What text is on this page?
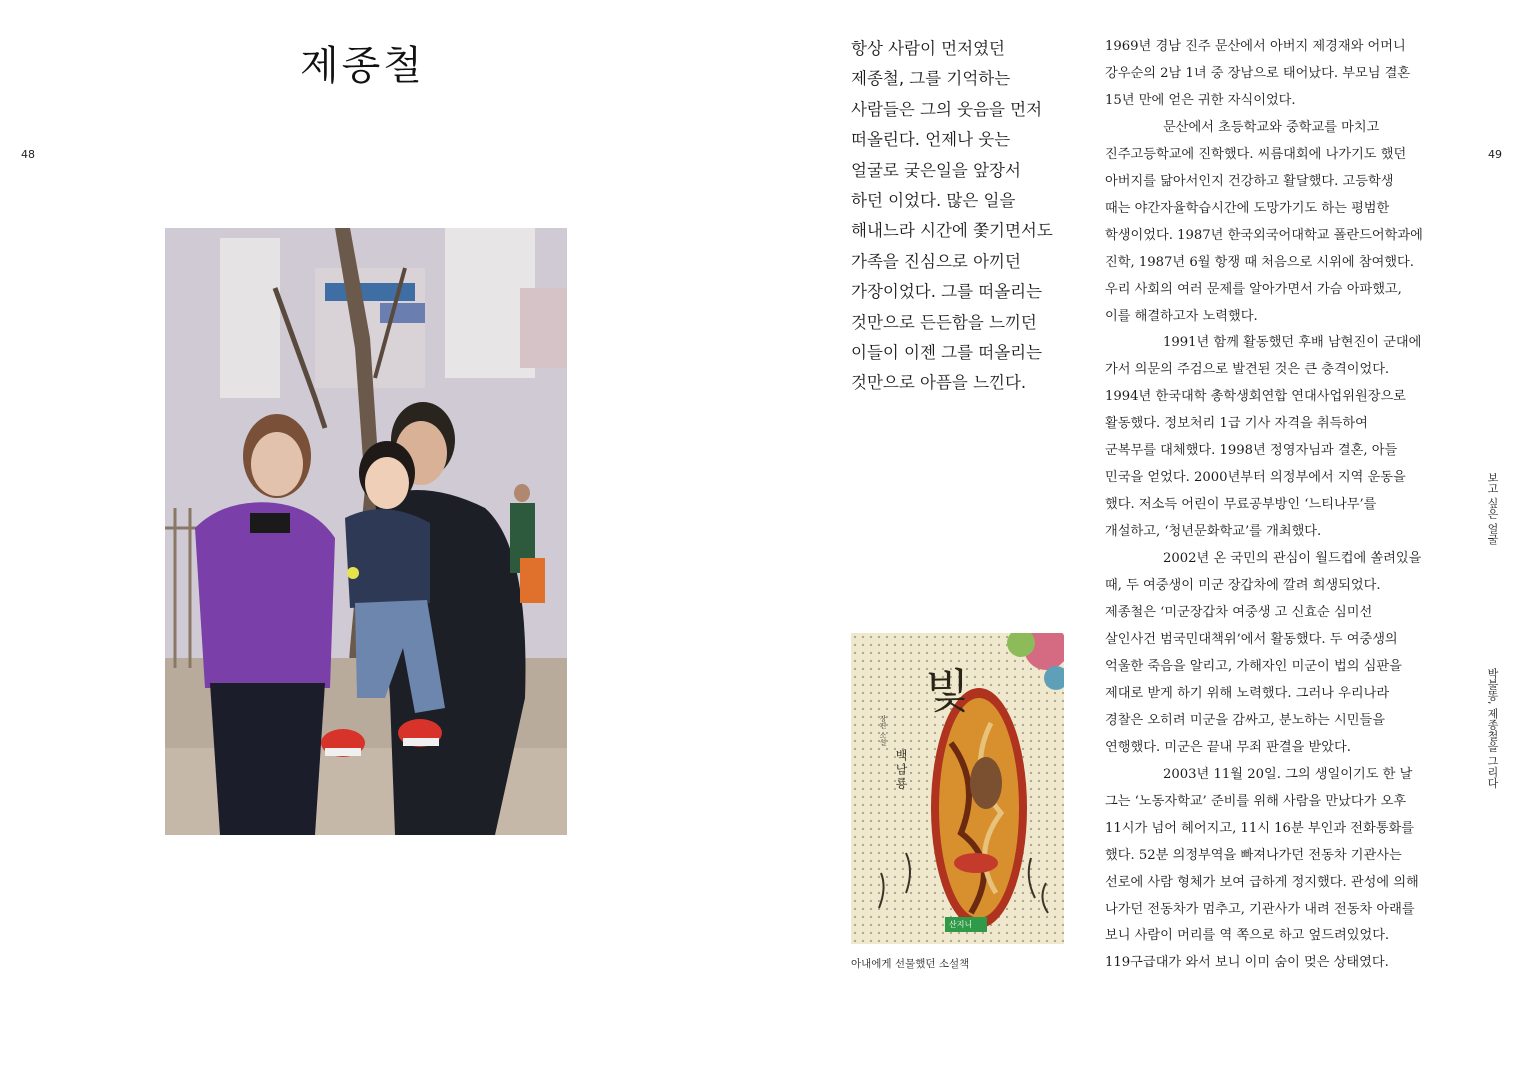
제종철
48
항상 사람이 먼저였던
제종철, 그를 기억하는
사람들은 그의 웃음을 먼저
떠올린다. 언제나 웃는
얼굴로 궂은일을 앞장서
하던 이었다. 많은 일을
해내느라 시간에 쫓기면서도
가족을 진심으로 아끼던
가장이었다. 그를 떠올리는
것만으로 든든함을 느끼던
이들이 이젠 그를 떠올리는
것만으로 아픔을 느낀다.
빛
장편 소설
백남룡
산지니
아내에게 선물했던 소설책
1969년 경남 진주 문산에서 아버지 제경재와 어머니
강우순의 2남 1녀 중 장남으로 태어났다. 부모님 결혼
15년 만에 얻은 귀한 자식이었다.
문산에서 초등학교와 중학교를 마치고
진주고등학교에 진학했다. 씨름대회에 나가기도 했던
아버지를 닮아서인지 건강하고 활달했다. 고등학생
때는 야간자율학습시간에 도망가기도 하는 평범한
학생이었다. 1987년 한국외국어대학교 폴란드어학과에
진학, 1987년 6월 항쟁 때 처음으로 시위에 참여했다.
우리 사회의 여러 문제를 알아가면서 가슴 아파했고,
이를 해결하고자 노력했다.
1991년 함께 활동했던 후배 남현진이 군대에
가서 의문의 주검으로 발견된 것은 큰 충격이었다.
1994년 한국대학 총학생회연합 연대사업위원장으로
활동했다. 정보처리 1급 기사 자격을 취득하여
군복무를 대체했다. 1998년 정영자님과 결혼, 아들
민국을 얻었다. 2000년부터 의정부에서 지역 운동을
했다. 저소득 어린이 무료공부방인 ‘느티나무’를
개설하고, ‘청년문화학교’를 개최했다.
2002년 온 국민의 관심이 월드컵에 쏠려있을
때, 두 여중생이 미군 장갑차에 깔려 희생되었다.
제종철은 ‘미군장갑차 여중생 고 신효순 심미선
살인사건 범국민대책위’에서 활동했다. 두 여중생의
억울한 죽음을 알리고, 가해자인 미군이 법의 심판을
제대로 받게 하기 위해 노력했다. 그러나 우리나라
경찰은 오히려 미군을 감싸고, 분노하는 시민들을
연행했다. 미군은 끝내 무죄 판결을 받았다.
2003년 11월 20일. 그의 생일이기도 한 날
그는 ‘노동자학교’ 준비를 위해 사람을 만났다가 오후
11시가 넘어 헤어지고, 11시 16분 부인과 전화통화를
했다. 52분 의정부역을 빠져나가던 전동차 기관사는
선로에 사람 형체가 보여 급하게 정지했다. 관성에 의해
나가던 전동차가 멈추고, 기관사가 내려 전동차 아래를
보니 사람이 머리를 역 쪽으로 하고 엎드려있었다.
119구급대가 와서 보니 이미 숨이 멎은 상태였다.
49
보고 싶은 얼굴
박불똥, 제종철을 그리다
